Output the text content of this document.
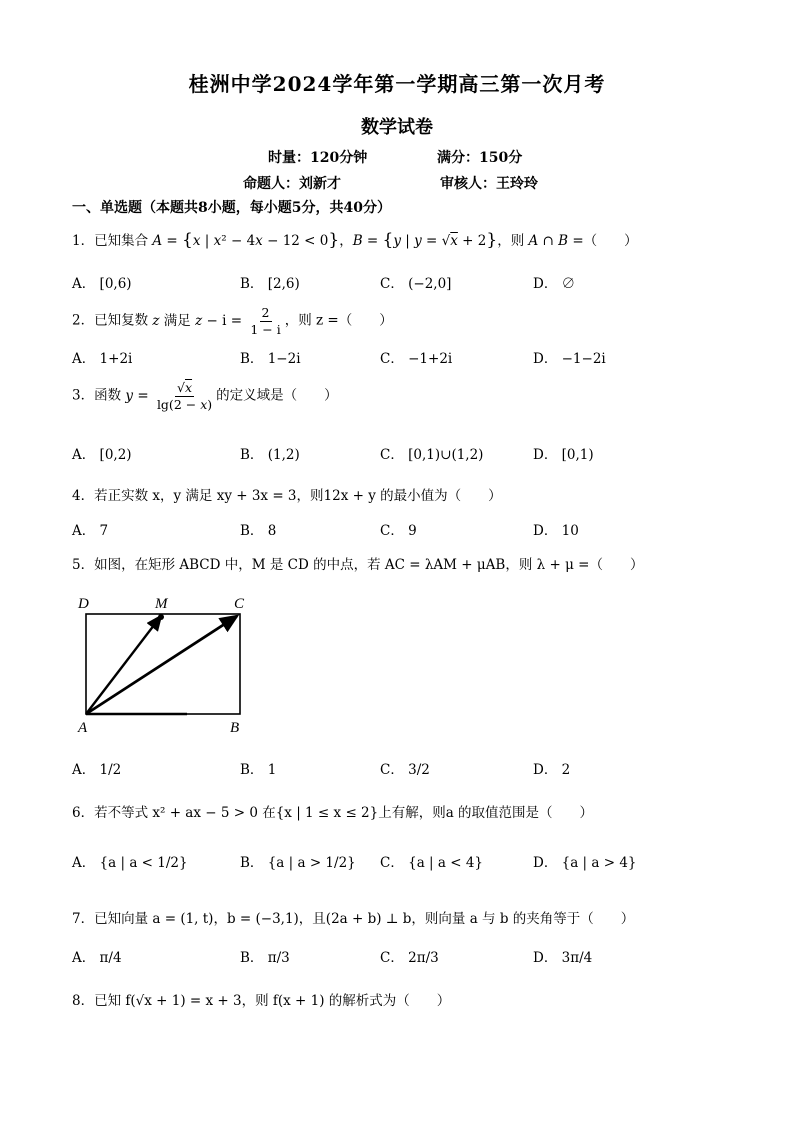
桂洲中学2024学年第一学期高三第一次月考
数学试卷
时量：120分钟	满分：150分
命题人：刘新才	审核人：王玲玲
一、单选题（本题共8小题，每小题5分，共40分）
1．已知集合 A = {x | x² − 4x − 12 < 0}，B = {y | y = √x + 2}，则 A ∩ B =（　　）
A． [0,6)	B． [2,6)	C． (−2,0]	D． ∅
2．已知复数 z 满足 $z - i = \frac{2}{1 - i}$ ，则 z =（　　）
A． 1+2i	B． 1−2i	C． −1+2i	D． −1−2i
3．函数 $y = \frac{√x}{\lg(2 - x)}$ 的定义域是（　　）
A． [0,2)	B． (1,2)	C． [0,1)∪(1,2)	D． [0,1)
4．若正实数 x，y 满足 xy + 3x = 3，则12x + y 的最小值为（　　）
A． 7	B． 8	C． 9	D． 10
5．如图，在矩形 ABCD 中，M 是 CD 的中点，若 AC = λAM + μAB，则 λ + μ =（　　）
D	M	C
A	B
A． 1/2	B． 1	C． 3/2	D． 2
6．若不等式 x² + ax − 5 > 0 在{x | 1 ≤ x ≤ 2}上有解，则a 的取值范围是（　　）
A． {a | a < 1/2}	B． {a | a > 1/2} C． {a | a < 4}	D． {a | a > 4}
7．已知向量 a = (1, t)，b = (−3,1)，且(2a + b) ⊥ b，则向量 a 与 b 的夹角等于（　　）
A． π/4	B． π/3	C． 2π/3	D． 3π/4
8．已知 f(√x + 1) = x + 3，则 f(x + 1) 的解析式为（　　）
